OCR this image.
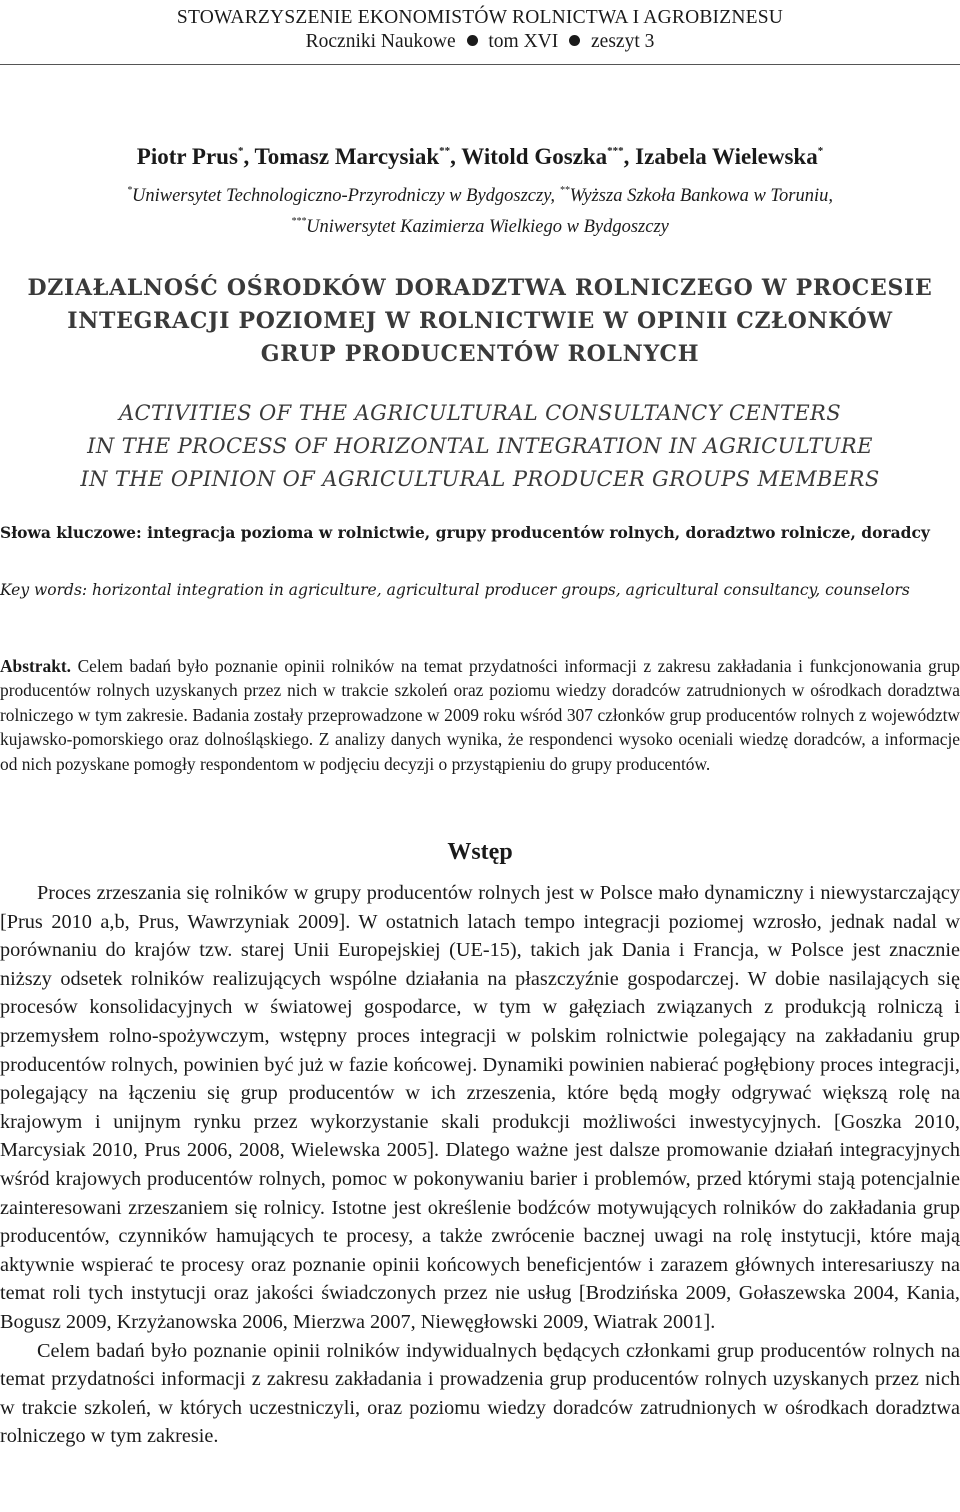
STOWARZYSZENIE EKONOMISTÓW ROLNICTWA I AGROBIZNESU
Roczniki Naukowe tom XVI zeszyt 3
Piotr Prus*, Tomasz Marcysiak**, Witold Goszka***, Izabela Wielewska*
*Uniwersytet Technologiczno-Przyrodniczy w Bydgoszczy, **Wyższa Szkoła Bankowa w Toruniu,
***Uniwersytet Kazimierza Wielkiego w Bydgoszczy
DZIAŁALNOŚĆ OŚRODKÓW DORADZTWA ROLNICZEGO W PROCESIE
INTEGRACJI POZIOMEJ W ROLNICTWIE W OPINII CZŁONKÓW
GRUP PRODUCENTÓW ROLNYCH
ACTIVITIES OF THE AGRICULTURAL CONSULTANCY CENTERS
IN THE PROCESS OF HORIZONTAL INTEGRATION IN AGRICULTURE
IN THE OPINION OF AGRICULTURAL PRODUCER GROUPS MEMBERS
Słowa kluczowe: integracja pozioma w rolnictwie, grupy producentów rolnych, doradztwo rolnicze, doradcy
Key words: horizontal integration in agriculture, agricultural producer groups, agricultural consultancy, counselors
Abstrakt. Celem badań było poznanie opinii rolników na temat przydatności informacji z zakresu zakładania i funkcjonowania grup producentów rolnych uzyskanych przez nich w trakcie szkoleń oraz poziomu wiedzy doradców zatrudnionych w ośrodkach doradztwa rolniczego w tym zakresie. Badania zostały przeprowadzone w 2009 roku wśród 307 członków grup producentów rolnych z województw kujawsko-pomorskiego oraz dolnośląskiego. Z analizy danych wynika, że respondenci wysoko oceniali wiedzę doradców, a informacje od nich pozyskane pomogły respondentom w podjęciu decyzji o przystąpieniu do grupy producentów.
Wstęp

Proces zrzeszania się rolników w grupy producentów rolnych jest w Polsce mało dynamiczny i niewystarczający [Prus 2010 a,b, Prus, Wawrzyniak 2009]. W ostatnich latach tempo integracji poziomej wzrosło, jednak nadal w porównaniu do krajów tzw. starej Unii Europejskiej (UE-15), takich jak Dania i Francja, w Polsce jest znacznie niższy odsetek rolników realizujących wspólne działania na płaszczyźnie gospodarczej. W dobie nasilających się procesów konsolidacyjnych w światowej gospodarce, w tym w gałęziach związanych z produkcją rolniczą i przemysłem rolno-spożywczym, wstępny proces integracji w polskim rolnictwie polegający na zakładaniu grup producentów rolnych, powinien być już w fazie końcowej. Dynamiki powinien nabierać pogłębiony proces integracji, polegający na łączeniu się grup producentów w ich zrzeszenia, które będą mogły odgrywać większą rolę na krajowym i unijnym rynku przez wykorzystanie skali produkcji możliwości inwestycyjnych. [Goszka 2010, Marcysiak 2010, Prus 2006, 2008, Wielewska 2005]. Dlatego ważne jest dalsze promowanie działań integracyjnych wśród krajowych producentów rolnych, pomoc w pokonywaniu barier i problemów, przed którymi stają potencjalnie zainteresowani zrzeszaniem się rolnicy. Istotne jest określenie bodźców motywujących rolników do zakładania grup producentów, czynników hamujących te procesy, a także zwrócenie bacznej uwagi na rolę instytucji, które mają aktywnie wspierać te procesy oraz poznanie opinii końcowych beneficjentów i zarazem głównych interesariuszy na temat roli tych instytucji oraz jakości świadczonych przez nie usług [Brodzińska 2009, Gołaszewska 2004, Kania, Bogusz 2009, Krzyżanowska 2006, Mierzwa 2007, Niewęgłowski 2009, Wiatrak 2001].

Celem badań było poznanie opinii rolników indywidualnych będących członkami grup producentów rolnych na temat przydatności informacji z zakresu zakładania i prowadzenia grup producentów rolnych uzyskanych przez nich w trakcie szkoleń, w których uczestniczyli, oraz poziomu wiedzy doradców zatrudnionych w ośrodkach doradztwa rolniczego w tym zakresie.
